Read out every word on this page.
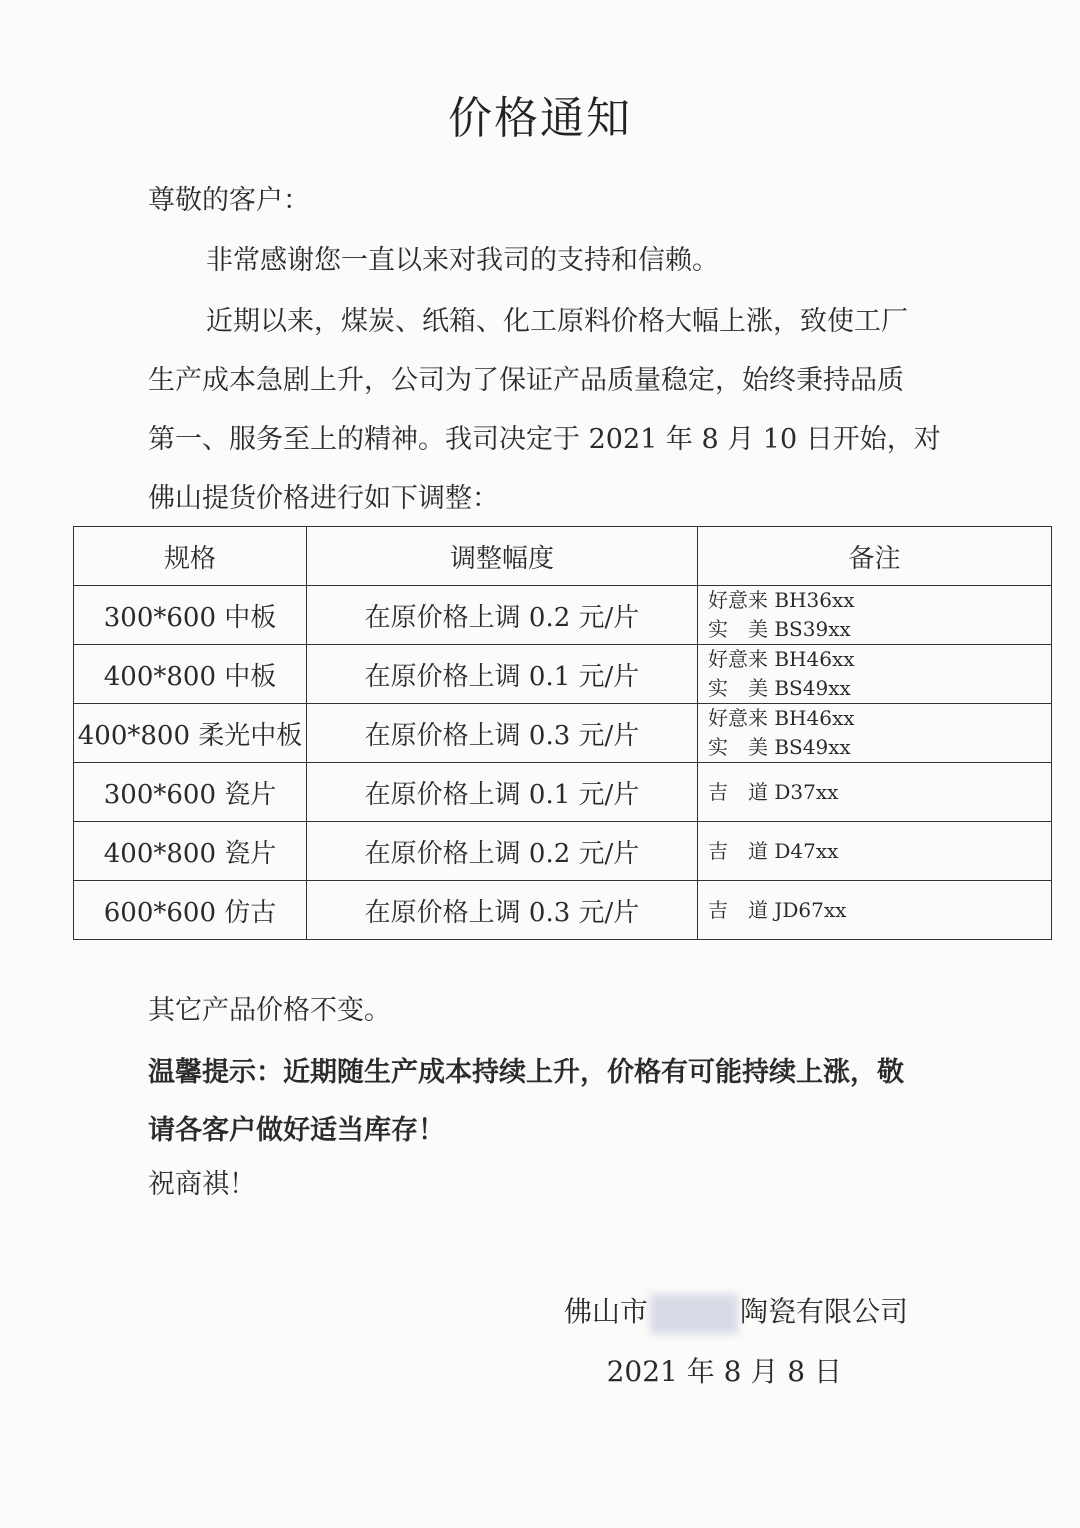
价格通知
尊敬的客户：
非常感谢您一直以来对我司的支持和信赖。
近期以来，煤炭、纸箱、化工原料价格大幅上涨，致使工厂
生产成本急剧上升，公司为了保证产品质量稳定，始终秉持品质
第一、服务至上的精神。我司决定于 2021 年 8 月 10 日开始，对
佛山提货价格进行如下调整：
规格	调整幅度	备注
300*600 中板	在原价格上调 0.2 元/片	好意来 BH36xx
实　美 BS39xx

400*800 中板	在原价格上调 0.1 元/片	好意来 BH46xx
实　美 BS49xx

400*800 柔光中板	在原价格上调 0.3 元/片	好意来 BH46xx
实　美 BS49xx

300*600 瓷片	在原价格上调 0.1 元/片	吉　道 D37xx

400*800 瓷片	在原价格上调 0.2 元/片	吉　道 D47xx

600*600 仿古	在原价格上调 0.3 元/片	吉　道 JD67xx
其它产品价格不变。
温馨提示：近期随生产成本持续上升，价格有可能持续上涨，敬
请各客户做好适当库存！
祝商祺！
佛山市	陶瓷有限公司
2021 年 8 月 8 日
